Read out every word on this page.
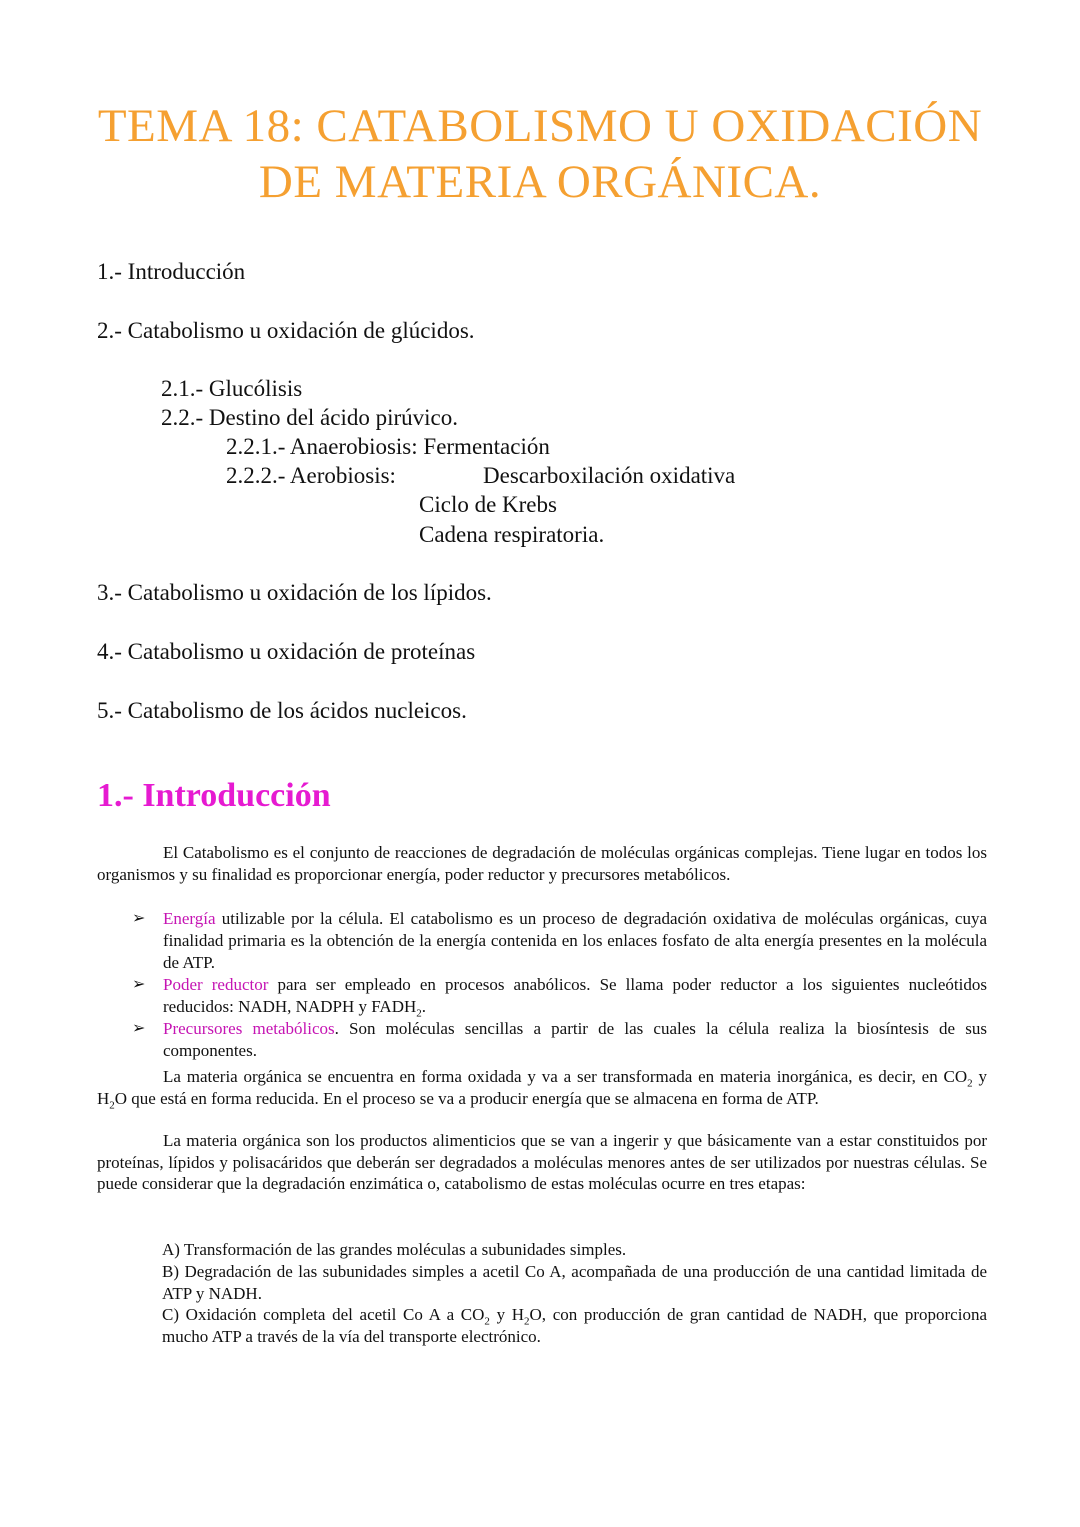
TEMA 18: CATABOLISMO U OXIDACIÓN
DE MATERIA ORGÁNICA.
1.- Introducción
2.- Catabolismo u oxidación de glúcidos.
2.1.- Glucólisis
2.2.- Destino del ácido pirúvico.
2.2.1.- Anaerobiosis: Fermentación
2.2.2.- Aerobiosis:	Descarboxilación oxidativa
Ciclo de Krebs
Cadena respiratoria.
3.- Catabolismo u oxidación de los lípidos.
4.- Catabolismo u oxidación de proteínas
5.- Catabolismo de los ácidos nucleicos.
1.- Introducción

El Catabolismo es el conjunto de reacciones de degradación de moléculas orgánicas complejas. Tiene lugar en todos los organismos y su finalidad es proporcionar energía, poder reductor y precursores metabólicos.

➢ Energía utilizable por la célula. El catabolismo es un proceso de degradación oxidativa de moléculas orgánicas, cuya finalidad primaria es la obtención de la energía contenida en los enlaces fosfato de alta energía presentes en la molécula de ATP.

➢ Poder reductor para ser empleado en procesos anabólicos. Se llama poder reductor a los siguientes nucleótidos reducidos: NADH, NADPH y $FADH_2$.

➢ Precursores metabólicos. Son moléculas sencillas a partir de las cuales la célula realiza la biosíntesis de sus componentes.

La materia orgánica se encuentra en forma oxidada y va a ser transformada en materia inorgánica, es decir, en $CO_2$ y $H_2O$ que está en forma reducida. En el proceso se va a producir energía que se almacena en forma de ATP.

La materia orgánica son los productos alimenticios que se van a ingerir y que básicamente van a estar constituidos por proteínas, lípidos y polisacáridos que deberán ser degradados a moléculas menores antes de ser utilizados por nuestras células. Se puede considerar que la degradación enzimática o, catabolismo de estas moléculas ocurre en tres etapas:

A) Transformación de las grandes moléculas a subunidades simples.

B) Degradación de las subunidades simples a acetil Co A, acompañada de una producción de una cantidad limitada de ATP y NADH.

C) Oxidación completa del acetil Co A a $CO_2$ y $H_2O$, con producción de gran cantidad de NADH, que proporciona mucho ATP a través de la vía del transporte electrónico.
